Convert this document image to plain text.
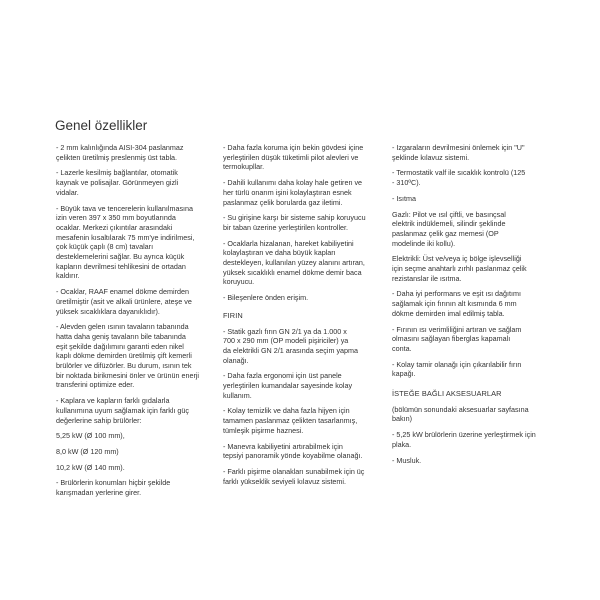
Genel özellikler
- 2 mm kalınlığında AISI-304 paslanmaz
çelikten üretilmiş preslenmiş üst tabla.
- Lazerle kesilmiş bağlantılar, otomatik
kaynak ve polisajlar. Görünmeyen gizli
vidalar.
- Büyük tava ve tencerelerin kullanılmasına
izin veren 397 x 350 mm boyutlarında
ocaklar. Merkezi çıkıntılar arasındaki
mesafenin kısaltılarak 75 mm'ye indirilmesi,
çok küçük çaplı (8 cm) tavaları
desteklemelerini sağlar. Bu ayrıca küçük
kapların devrilmesi tehlikesini de ortadan
kaldırır.
- Ocaklar, RAAF enamel dökme demirden
üretilmiştir (asit ve alkali ürünlere, ateşe ve
yüksek sıcaklıklara dayanıklıdır).
- Alevden gelen ısının tavaların tabanında
hatta daha geniş tavaların bile tabanında
eşit şekilde dağılımını garanti eden nikel
kaplı dökme demirden üretilmiş çift kemerli
brülörler ve difüzörler. Bu durum, ısının tek
bir noktada birikmesini önler ve ürünün enerji
transferini optimize eder.
- Kaplara ve kapların farklı gıdalarla
kullanımına uyum sağlamak için farklı güç
değerlerine sahip brülörler:
5,25 kW (Ø 100 mm),
8,0 kW (Ø 120 mm)
10,2 kW (Ø 140 mm).
- Brülörlerin konumları hiçbir şekilde
karışmadan yerlerine girer.
- Daha fazla koruma için bekin gövdesi içine
yerleştirilen düşük tüketimli pilot alevleri ve
termokupllar.
- Dahili kullanımı daha kolay hale getiren ve
her türlü onarım işini kolaylaştıran esnek
paslanmaz çelik borularda gaz iletimi.
- Su girişine karşı bir sisteme sahip koruyucu
bir taban üzerine yerleştirilen kontroller.
- Ocaklarla hizalanan, hareket kabiliyetini
kolaylaştıran ve daha büyük kapları
destekleyen, kullanılan yüzey alanını artıran,
yüksek sıcaklıklı enamel dökme demir baca
koruyucu.
- Bileşenlere önden erişim.
FIRIN
- Statik gazlı fırın GN 2/1 ya da 1.000 x
700 x 290 mm (OP modeli pişiriciler) ya
da elektrikli GN 2/1 arasında seçim yapma
olanağı.
- Daha fazla ergonomi için üst panele
yerleştirilen kumandalar sayesinde kolay
kullanım.
- Kolay temizlik ve daha fazla hijyen için
tamamen paslanmaz çelikten tasarlanmış,
tümleşik pişirme haznesi.
- Manevra kabiliyetini artırabilmek için
tepsiyi panoramik yönde koyabilme olanağı.
- Farklı pişirme olanakları sunabilmek için üç
farklı yükseklik seviyeli kılavuz sistemi.
- Izgaraların devrilmesini önlemek için "U"
şeklinde kılavuz sistemi.
- Termostatik valf ile sıcaklık kontrolü (125
- 310ºC).
- Isıtma
Gazlı: Pilot ve ısıl çiftli, ve basınçsal
elektrik indüklemeli, silindir şeklinde
paslanmaz çelik gaz memesi (OP
modelinde iki kollu).
Elektrikli: Üst ve/veya iç bölge işlevselliği
için seçme anahtarlı zırhlı paslanmaz çelik
rezistanslar ile ısıtma.
- Daha iyi performans ve eşit ısı dağıtımı
sağlamak için fırının alt kısmında 6 mm
dökme demirden imal edilmiş tabla.
- Fırının ısı verimliliğini artıran ve sağlam
olmasını sağlayan fiberglas kapamalı
conta.
- Kolay tamir olanağı için çıkarılabilir fırın
kapağı.
İSTEĞE BAĞLI AKSESUARLAR
(bölümün sonundaki aksesuarlar sayfasına
bakın)
- 5,25 kW brülörlerin üzerine yerleştirmek için
plaka.
- Musluk.
